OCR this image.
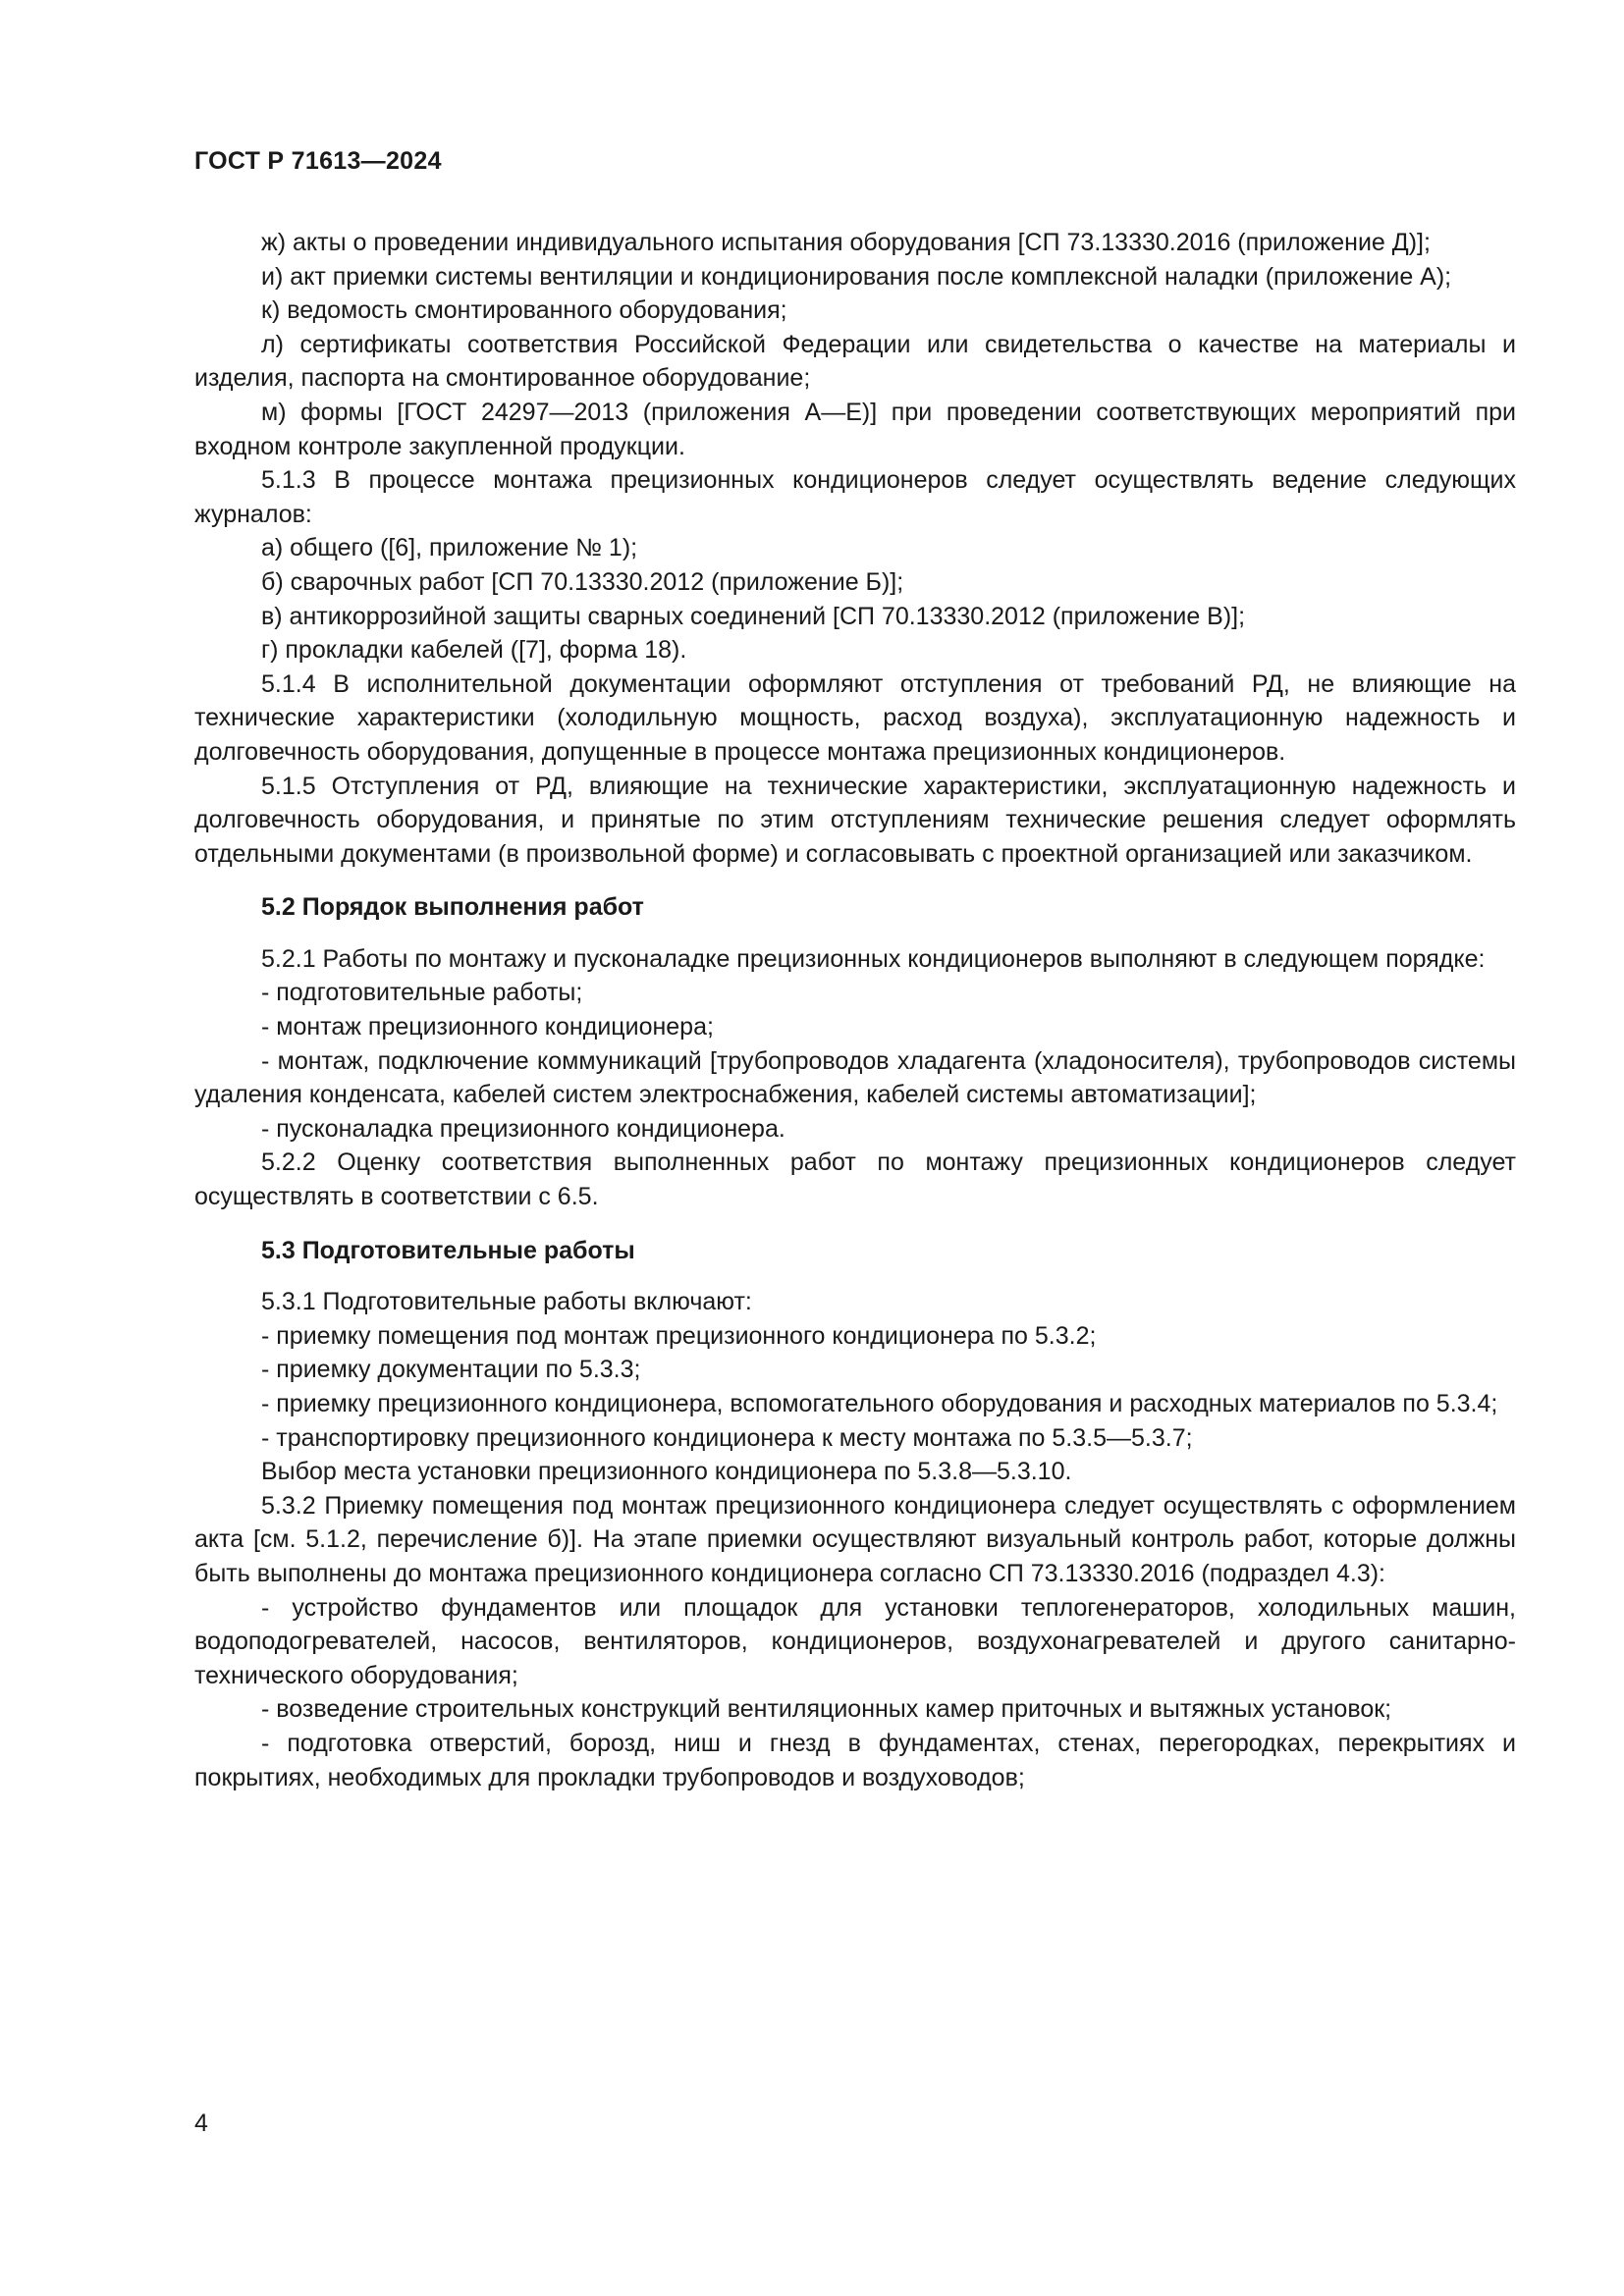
ГОСТ Р 71613—2024

ж) акты о проведении индивидуального испытания оборудования [СП 73.13330.2016 (приложение Д)];

и) акт приемки системы вентиляции и кондиционирования после комплексной наладки (приложение А);

к) ведомость смонтированного оборудования;

л) сертификаты соответствия Российской Федерации или свидетельства о качестве на материалы и изделия, паспорта на смонтированное оборудование;

м) формы [ГОСТ 24297—2013 (приложения А—Е)] при проведении соответствующих мероприятий при входном контроле закупленной продукции.

5.1.3 В процессе монтажа прецизионных кондиционеров следует осуществлять ведение следующих журналов:

а) общего ([6], приложение № 1);

б) сварочных работ [СП 70.13330.2012 (приложение Б)];

в) антикоррозийной защиты сварных соединений [СП 70.13330.2012 (приложение В)];

г) прокладки кабелей ([7], форма 18).

5.1.4 В исполнительной документации оформляют отступления от требований РД, не влияющие на технические характеристики (холодильную мощность, расход воздуха), эксплуатационную надежность и долговечность оборудования, допущенные в процессе монтажа прецизионных кондиционеров.

5.1.5 Отступления от РД, влияющие на технические характеристики, эксплуатационную надежность и долговечность оборудования, и принятые по этим отступлениям технические решения следует оформлять отдельными документами (в произвольной форме) и согласовывать с проектной организацией или заказчиком.

5.2 Порядок выполнения работ

5.2.1 Работы по монтажу и пусконаладке прецизионных кондиционеров выполняют в следующем порядке:

- подготовительные работы;

- монтаж прецизионного кондиционера;

- монтаж, подключение коммуникаций [трубопроводов хладагента (хладоносителя), трубопроводов системы удаления конденсата, кабелей систем электроснабжения, кабелей системы автоматизации];

- пусконаладка прецизионного кондиционера.

5.2.2 Оценку соответствия выполненных работ по монтажу прецизионных кондиционеров следует осуществлять в соответствии с 6.5.

5.3 Подготовительные работы

5.3.1 Подготовительные работы включают:

- приемку помещения под монтаж прецизионного кондиционера по 5.3.2;

- приемку документации по 5.3.3;

- приемку прецизионного кондиционера, вспомогательного оборудования и расходных материалов по 5.3.4;

- транспортировку прецизионного кондиционера к месту монтажа по 5.3.5—5.3.7;

Выбор места установки прецизионного кондиционера по 5.3.8—5.3.10.

5.3.2 Приемку помещения под монтаж прецизионного кондиционера следует осуществлять с оформлением акта [см. 5.1.2, перечисление б)]. На этапе приемки осуществляют визуальный контроль работ, которые должны быть выполнены до монтажа прецизионного кондиционера согласно СП 73.13330.2016 (подраздел 4.3):

- устройство фундаментов или площадок для установки теплогенераторов, холодильных машин, водоподогревателей, насосов, вентиляторов, кондиционеров, воздухонагревателей и другого санитарно-технического оборудования;

- возведение строительных конструкций вентиляционных камер приточных и вытяжных установок;

- подготовка отверстий, борозд, ниш и гнезд в фундаментах, стенах, перегородках, перекрытиях и покрытиях, необходимых для прокладки трубопроводов и воздуховодов;

4
